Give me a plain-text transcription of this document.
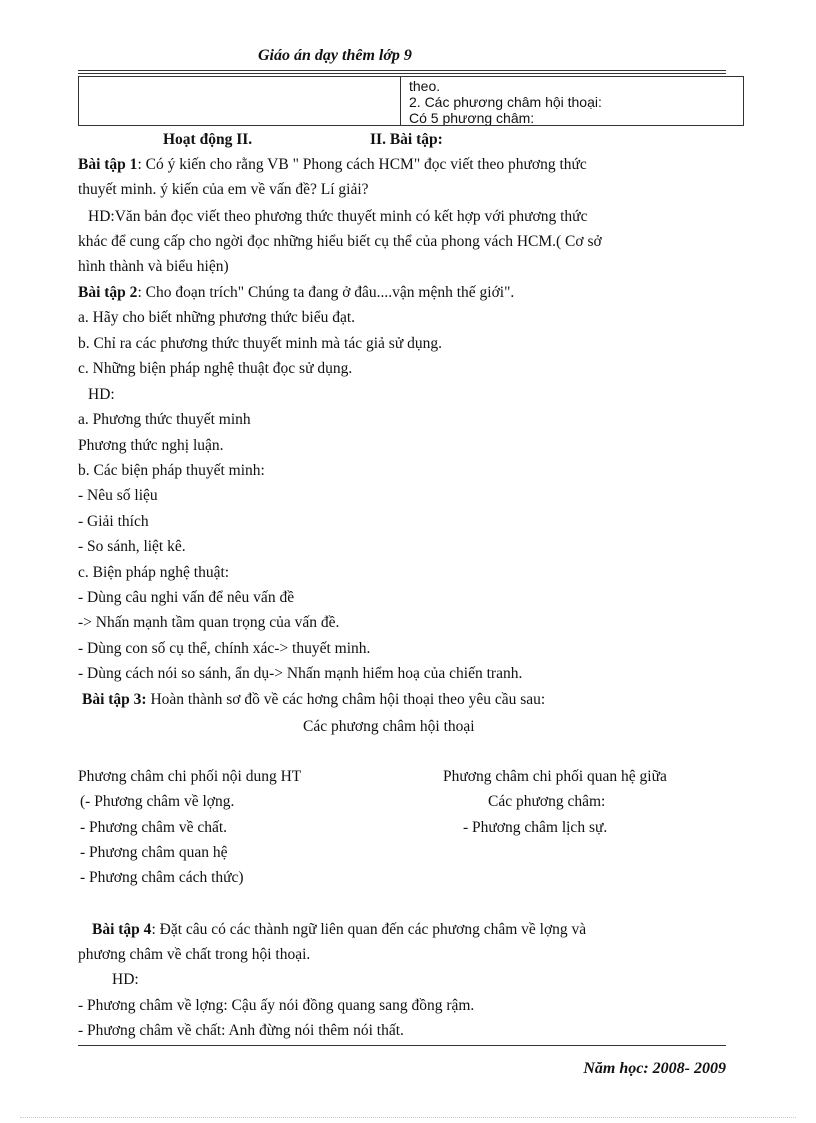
Giáo án dạy thêm lớp 9
theo.
2. Các phương châm hội thoại:
Có 5 phương châm:
Hoạt động II.	II. Bài tập:
Bài tập 1: Có ý kiến cho rằng VB " Phong cách HCM" đọc viết theo phương thức
thuyết minh. ý kiến của em về vấn đề? Lí giải?
HD:Văn bản đọc viết theo phương thức thuyết minh có kết hợp với phương thức
khác để cung cấp cho ngời đọc những hiểu biết cụ thể của phong vách HCM.( Cơ sở
hình thành và biểu hiện)
Bài tập 2: Cho đoạn trích" Chúng ta đang ở đâu....vận mệnh thế giới".
a. Hãy cho biết những phương thức biểu đạt.
b. Chỉ ra các phương thức thuyết minh mà tác giả sử dụng.
c. Những biện pháp nghệ thuật đọc sử dụng.
HD:
a. Phương thức thuyết minh
Phương thức nghị luận.
b. Các biện pháp thuyết minh:
- Nêu số liệu
- Giải thích
- So sánh, liệt kê.
c. Biện pháp nghệ thuật:
- Dùng câu nghi vấn để nêu vấn đề
-> Nhấn mạnh tầm quan trọng của vấn đề.
- Dùng con số cụ thể, chính xác-> thuyết minh.
- Dùng cách nói so sánh, ẩn dụ-> Nhấn mạnh hiểm hoạ của chiến tranh.
Bài tập 3: Hoàn thành sơ đồ về các hơng châm hội thoại theo yêu cầu sau:
Các phương châm hội thoại
Phương châm chi phối nội dung HT
(- Phương châm về lợng.
- Phương châm về chất.
- Phương châm quan hệ
- Phương châm cách thức)
Phương châm chi phối quan hệ giữa
Các phương châm:
- Phương châm lịch sự.
Bài tập 4: Đặt câu có các thành ngữ liên quan đến các phương châm về lợng và
phương châm về chất trong hội thoại.
HD:
- Phương châm về lợng: Cậu ấy nói đồng quang sang đồng rậm.
- Phương châm về chất: Anh đừng nói thêm nói thất.
Năm học: 2008- 2009
